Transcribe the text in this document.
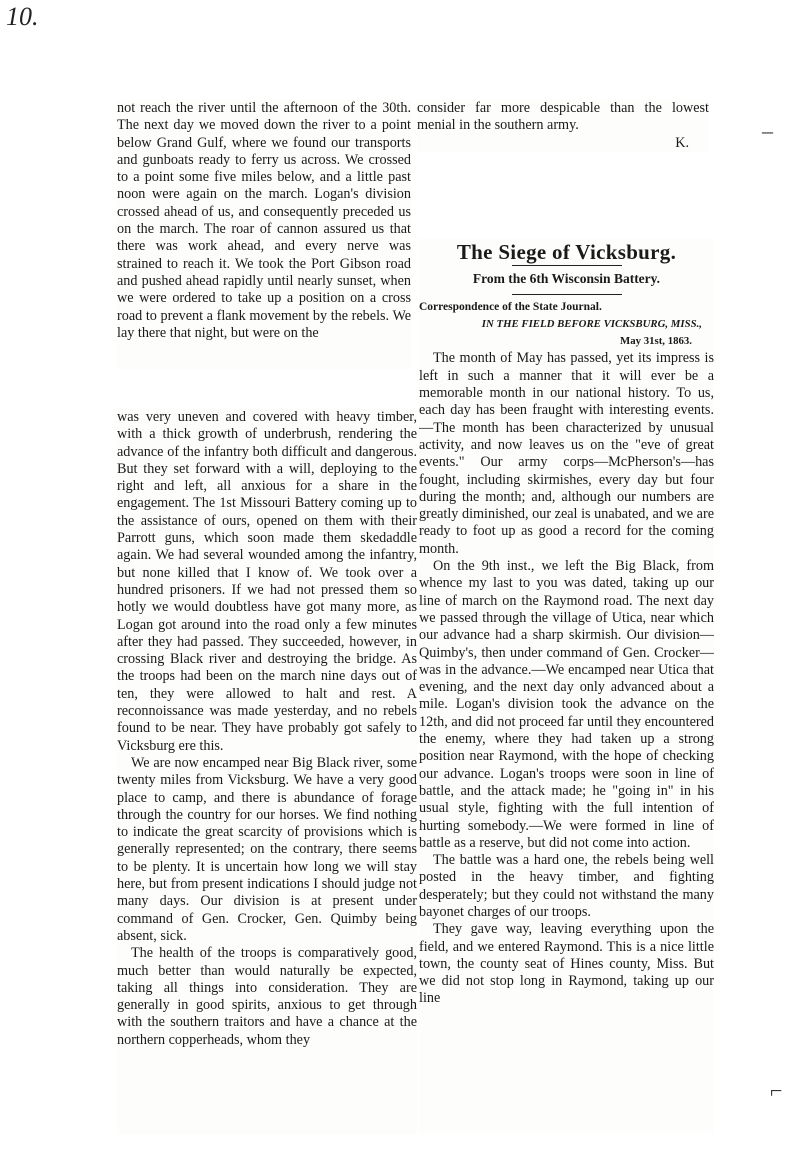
10.

not reach the river until the afternoon of the 30th. The next day we moved down the river to a point below Grand Gulf, where we found our transports and gunboats ready to ferry us across. We crossed to a point some five miles below, and a little past noon were again on the march. Logan's division crossed ahead of us, and consequently preceded us on the march. The roar of cannon assured us that there was work ahead, and every nerve was strained to reach it. We took the Port Gibson road and pushed ahead rapidly until nearly sunset, when we were ordered to take up a position on a cross road to prevent a flank movement by the rebels. We lay there that night, but were on the

was very uneven and covered with heavy timber, with a thick growth of underbrush, rendering the advance of the infantry both difficult and dangerous. But they set forward with a will, deploying to the right and left, all anxious for a share in the engagement. The 1st Missouri Battery coming up to the assistance of ours, opened on them with their Parrott guns, which soon made them skedaddle again. We had several wounded among the infantry, but none killed that I know of. We took over a hundred prisoners. If we had not pressed them so hotly we would doubtless have got many more, as Logan got around into the road only a few minutes after they had passed. They succeeded, however, in crossing Black river and destroying the bridge. As the troops had been on the march nine days out of ten, they were allowed to halt and rest. A reconnoissance was made yesterday, and no rebels found to be near. They have probably got safely to Vicksburg ere this.

We are now encamped near Big Black river, some twenty miles from Vicksburg. We have a very good place to camp, and there is abundance of forage through the country for our horses. We find nothing to indicate the great scarcity of provisions which is generally represented; on the contrary, there seems to be plenty. It is uncertain how long we will stay here, but from present indications I should judge not many days. Our division is at present under command of Gen. Crocker, Gen. Quimby being absent, sick.

The health of the troops is comparatively good, much better than would naturally be expected, taking all things into consideration. They are generally in good spirits, anxious to get through with the southern traitors and have a chance at the northern copperheads, whom they

consider far more despicable than the lowest menial in the southern army.

K.

The Siege of Vicksburg.
From the 6th Wisconsin Battery.

Correspondence of the State Journal.

IN THE FIELD BEFORE VICKSBURG, MISS.,

May 31st, 1863.

The month of May has passed, yet its impress is left in such a manner that it will ever be a memorable month in our national history. To us, each day has been fraught with interesting events.—The month has been characterized by unusual activity, and now leaves us on the "eve of great events." Our army corps—McPherson's—has fought, including skirmishes, every day but four during the month; and, although our numbers are greatly diminished, our zeal is unabated, and we are ready to foot up as good a record for the coming month.

On the 9th inst., we left the Big Black, from whence my last to you was dated, taking up our line of march on the Raymond road. The next day we passed through the village of Utica, near which our advance had a sharp skirmish. Our division—Quimby's, then under command of Gen. Crocker—was in the advance.—We encamped near Utica that evening, and the next day only advanced about a mile. Logan's division took the advance on the 12th, and did not proceed far until they encountered the enemy, where they had taken up a strong position near Raymond, with the hope of checking our advance. Logan's troops were soon in line of battle, and the attack made; he "going in" in his usual style, fighting with the full intention of hurting somebody.—We were formed in line of battle as a reserve, but did not come into action.

The battle was a hard one, the rebels being well posted in the heavy timber, and fighting desperately; but they could not withstand the many bayonet charges of our troops.

They gave way, leaving everything upon the field, and we entered Raymond. This is a nice little town, the county seat of Hines county, Miss. But we did not stop long in Raymond, taking up our line

–
⌐
